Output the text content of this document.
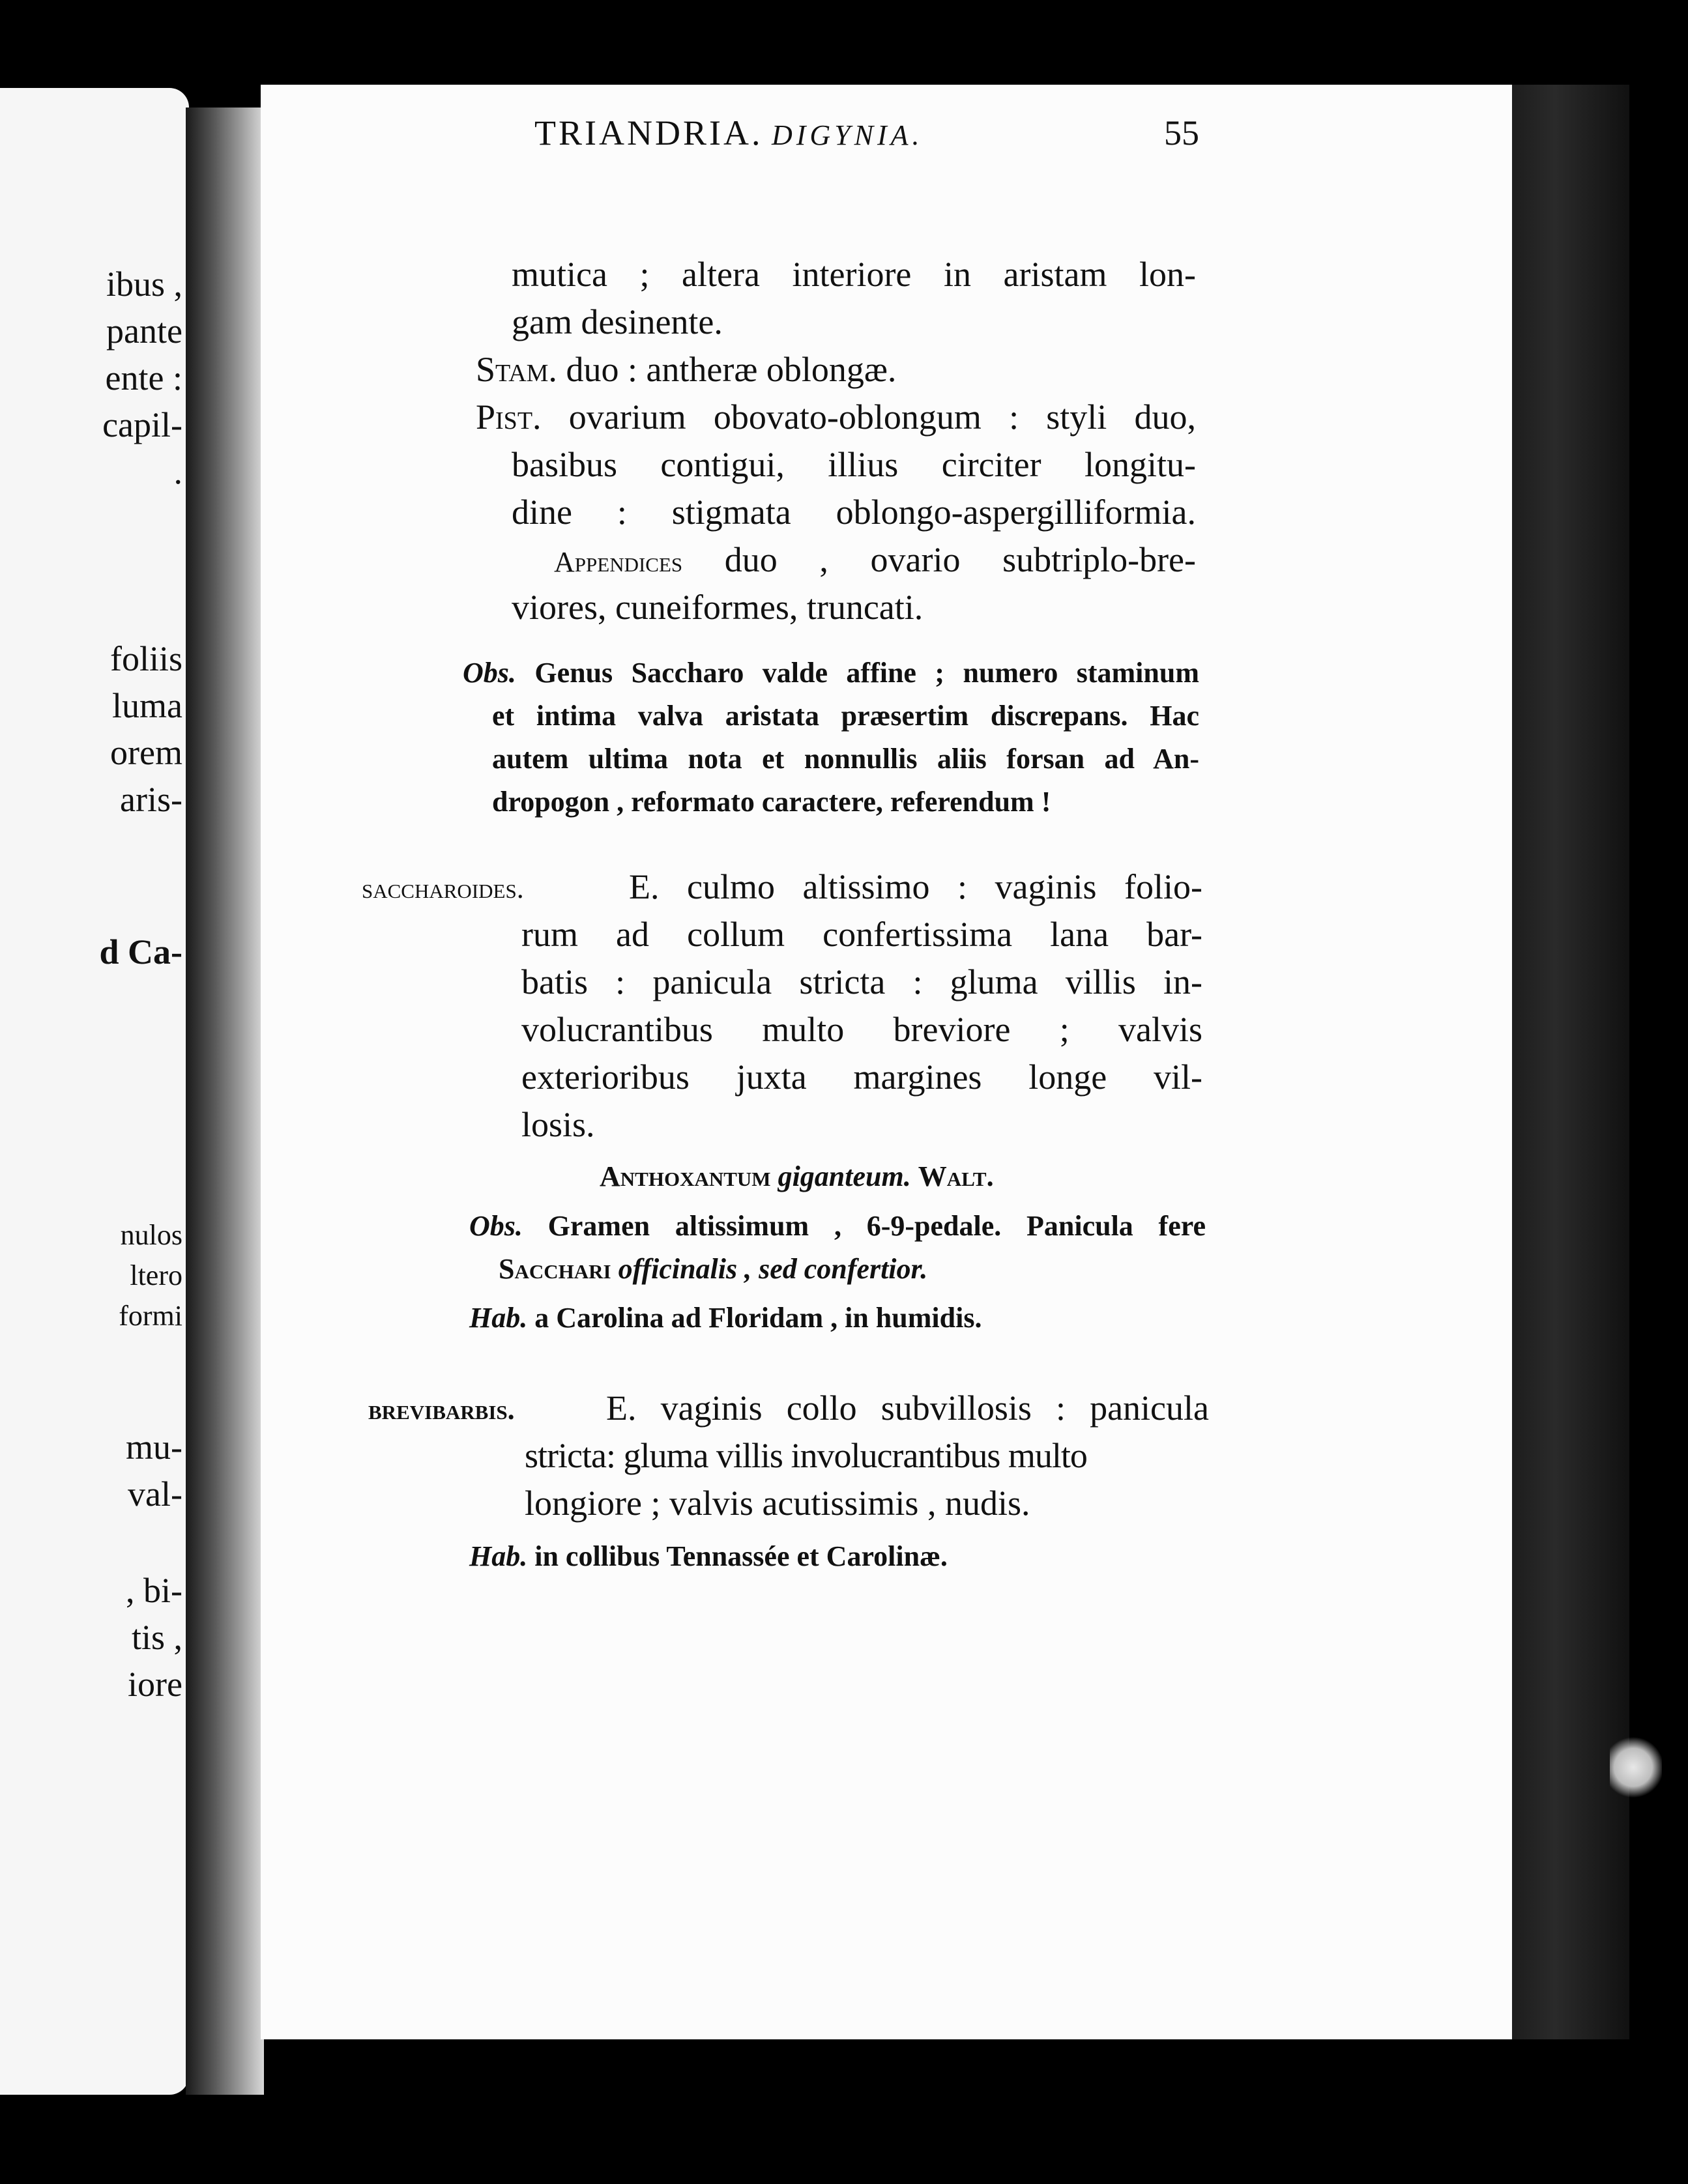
ibus ,
pante
ente :
capil-
.
foliis
luma
orem
aris-
d Ca-
nulos
ltero
formi
mu-
val-
, bi-
tis ,
iore
TRIANDRIA. DIGYNIA.	55
mutica ; altera interiore in aristam lon-
gam desinente.
Stam. duo : antheræ oblongæ.
Pist. ovarium obovato-oblongum : styli duo,
basibus contigui, illius circiter longitu-
dine : stigmata oblongo-aspergilliformia.
Appendices duo , ovario subtriplo-bre-
viores, cuneiformes, truncati.
Obs. Genus Sacchаro valde affine ; numero staminum
et intima valva aristata præsertim discrepans. Hac
autem ultima nota et nonnullis aliis forsan ad An-
dropogon , reformato caractere, referendum !
saccharoides.	E. culmo altissimo : vaginis folio-
rum ad collum confertissima lana bar-
batis : panicula stricta : gluma villis in-
volucrantibus multo breviore ; valvis
exterioribus juxta margines longe vil-
losis.
Anthoxantum giganteum. Walt.
Obs. Gramen altissimum , 6-9-pedale. Panicula fere
Sacchari officinalis , sed confertior.
Hab. a Carolina ad Floridam , in humidis.
brevibarbis.	E. vaginis collo subvillosis : panicula
stricta: gluma villis involucrantibus multo
longiore ; valvis acutissimis , nudis.
Hab. in collibus Tennassée et Carolinæ.
